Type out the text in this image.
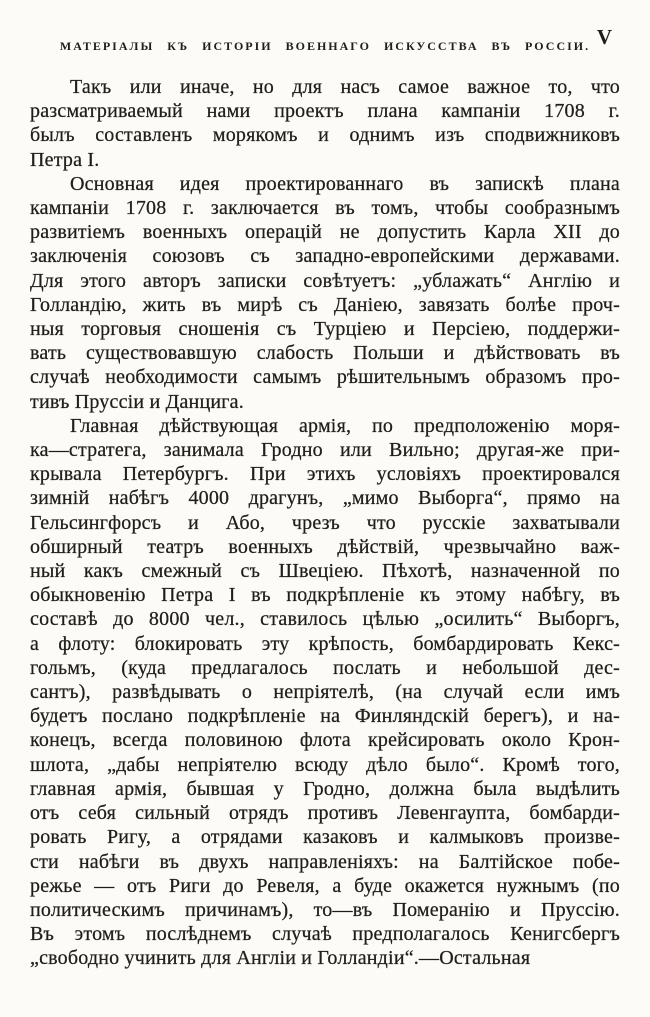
МАТЕРІАЛЫ КЪ ИСТОРІИ ВОЕННАГО ИСКУССТВА ВЪ РОССІИ. V
Такъ или иначе, но для насъ самое важное то, что
разсматриваемый нами проектъ плана кампаніи 1708 г.
былъ составленъ морякомъ и однимъ изъ сподвижниковъ
Петра I.
Основная идея проектированнаго въ запискѣ плана
кампаніи 1708 г. заключается въ томъ, чтобы сообразнымъ
развитіемъ военныхъ операцій не допустить Карла XII до
заключенія союзовъ съ западно-европейскими державами.
Для этого авторъ записки совѣтуетъ: „ублажать“ Англію и
Голландію, жить въ мирѣ съ Даніею, завязать болѣе проч-
ныя торговыя сношенія съ Турціею и Персіею, поддержи-
вать существовавшую слабость Польши и дѣйствовать въ
случаѣ необходимости самымъ рѣшительнымъ образомъ про-
тивъ Пруссіи и Данцига.
Главная дѣйствующая армія, по предположенію моря-
ка—стратега, занимала Гродно или Вильно; другая-же при-
крывала Петербургъ. При этихъ условіяхъ проектировался
зимній набѣгъ 4000 драгунъ, „мимо Выборга“, прямо на
Гельсингфорсъ и Або, чрезъ что русскіе захватывали
обширный театръ военныхъ дѣйствій, чрезвычайно важ-
ный какъ смежный съ Швеціею. Пѣхотѣ, назначенной по
обыкновенію Петра I въ подкрѣпленіе къ этому набѣгу, въ
составѣ до 8000 чел., ставилось цѣлью „осилить“ Выборгъ,
а флоту: блокировать эту крѣпость, бомбардировать Кекс-
гольмъ, (куда предлагалось послать и небольшой дес-
сантъ), развѣдывать о непріятелѣ, (на случай если имъ
будетъ послано подкрѣпленіе на Финляндскій берегъ), и на-
конецъ, всегда половиною флота крейсировать около Крон-
шлота, „дабы непріятелю всюду дѣло было“. Кромѣ того,
главная армія, бывшая у Гродно, должна была выдѣлить
отъ себя сильный отрядъ противъ Левенгаупта, бомбарди-
ровать Ригу, а отрядами казаковъ и калмыковъ произве-
сти набѣги въ двухъ направленіяхъ: на Балтійское побе-
режье — отъ Риги до Ревеля, а буде окажется нужнымъ (по
политическимъ причинамъ), то—въ Померанію и Пруссію.
Въ этомъ послѣднемъ случаѣ предполагалось Кенигсбергъ
„свободно учинить для Англіи и Голландіи“.—Остальная
